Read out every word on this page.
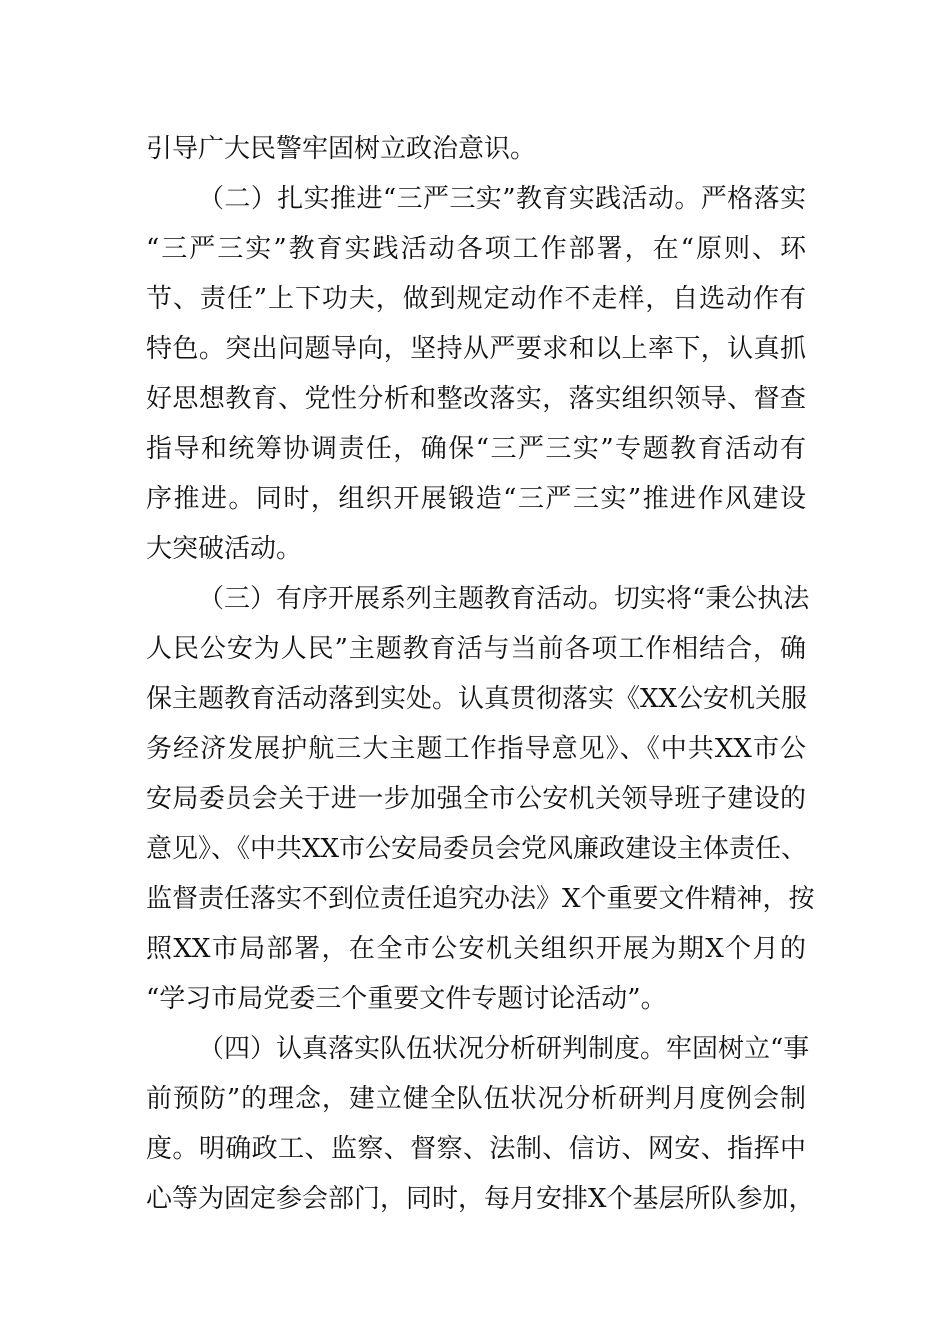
引导广大民警牢固树立政治意识。
（二）扎实推进“三严三实”教育实践活动。严格落实
“三严三实”教育实践活动各项工作部署，在“原则、环
节、责任”上下功夫，做到规定动作不走样，自选动作有
特色。突出问题导向，坚持从严要求和以上率下，认真抓
好思想教育、党性分析和整改落实，落实组织领导、督查
指导和统筹协调责任，确保“三严三实”专题教育活动有
序推进。同时，组织开展锻造“三严三实”推进作风建设
大突破活动。
（三）有序开展系列主题教育活动。切实将“秉公执法
人民公安为人民”主题教育活与当前各项工作相结合，确
保主题教育活动落到实处。认真贯彻落实《XX公安机关服
务经济发展护航三大主题工作指导意见》、《中共XX市公
安局委员会关于进一步加强全市公安机关领导班子建设的
意见》、《中共XX市公安局委员会党风廉政建设主体责任、
监督责任落实不到位责任追究办法》X个重要文件精神，按
照XX市局部署，在全市公安机关组织开展为期X个月的
“学习市局党委三个重要文件专题讨论活动”。
（四）认真落实队伍状况分析研判制度。牢固树立“事
前预防”的理念，建立健全队伍状况分析研判月度例会制
度。明确政工、监察、督察、法制、信访、网安、指挥中
心等为固定参会部门，同时，每月安排X个基层所队参加，
